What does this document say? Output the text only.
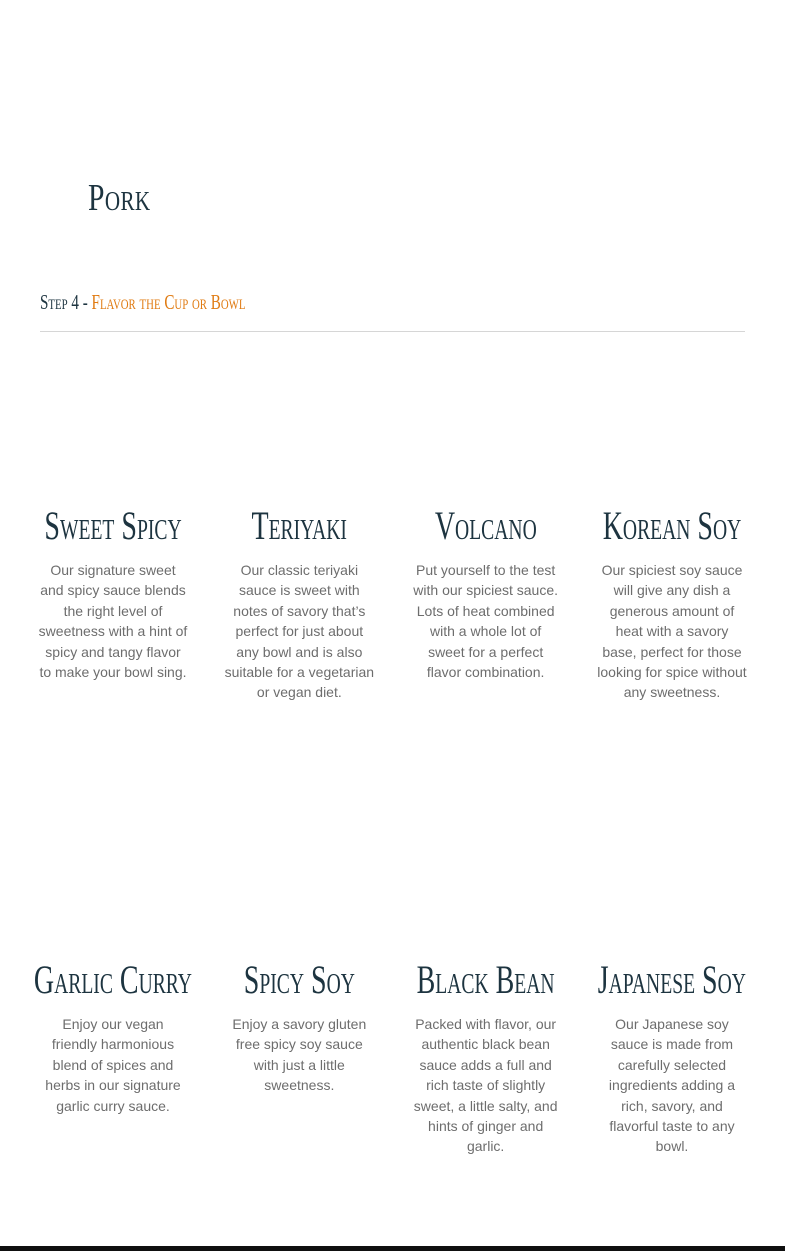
Pork
Step 4 - Flavor the Cup or Bowl
Sweet Spicy

Our signature sweet and spicy sauce blends the right level of sweetness with a hint of spicy and tangy flavor to make your bowl sing.

Teriyaki

Our classic teriyaki sauce is sweet with notes of savory that’s perfect for just about any bowl and is also suitable for a vegetarian or vegan diet.

Volcano

Put yourself to the test with our spiciest sauce. Lots of heat combined with a whole lot of sweet for a perfect flavor combination.

Korean Soy

Our spiciest soy sauce will give any dish a generous amount of heat with a savory base, perfect for those looking for spice without any sweetness.

Garlic Curry

Enjoy our vegan friendly harmonious blend of spices and herbs in our signature garlic curry sauce.

Spicy Soy

Enjoy a savory gluten free spicy soy sauce with just a little sweetness.

Black Bean

Packed with flavor, our authentic black bean sauce adds a full and rich taste of slightly sweet, a little salty, and hints of ginger and garlic.

Japanese Soy

Our Japanese soy sauce is made from carefully selected ingredients adding a rich, savory, and flavorful taste to any bowl.
